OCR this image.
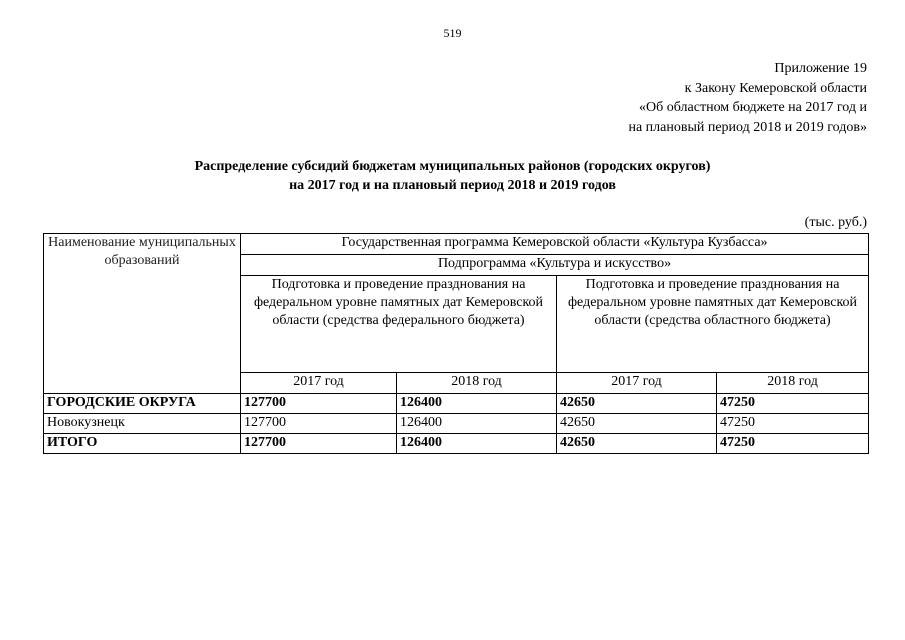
519
Приложение 19
к Закону Кемеровской области
«Об областном бюджете на 2017 год и
на плановый период 2018 и 2019 годов»
Распределение субсидий бюджетам муниципальных районов (городских округов)
на 2017 год и на плановый период 2018 и 2019 годов
(тыс. руб.)
Наименование муниципальных образований	Государственная программа Кемеровской области «Культура Кузбасса»			
	Подпрограмма «Культура и искусство»			
	Подготовка и проведение празднования на федеральном уровне памятных дат Кемеровской области (средства федерального бюджета)		Подготовка и проведение празднования на федеральном уровне памятных дат Кемеровской области (средства областного бюджета)	
	2017 год	2018 год	2017 год	2018 год
ГОРОДСКИЕ ОКРУГА	127700	126400	42650	47250
Новокузнецк	127700	126400	42650	47250
ИТОГО	127700	126400	42650	47250
